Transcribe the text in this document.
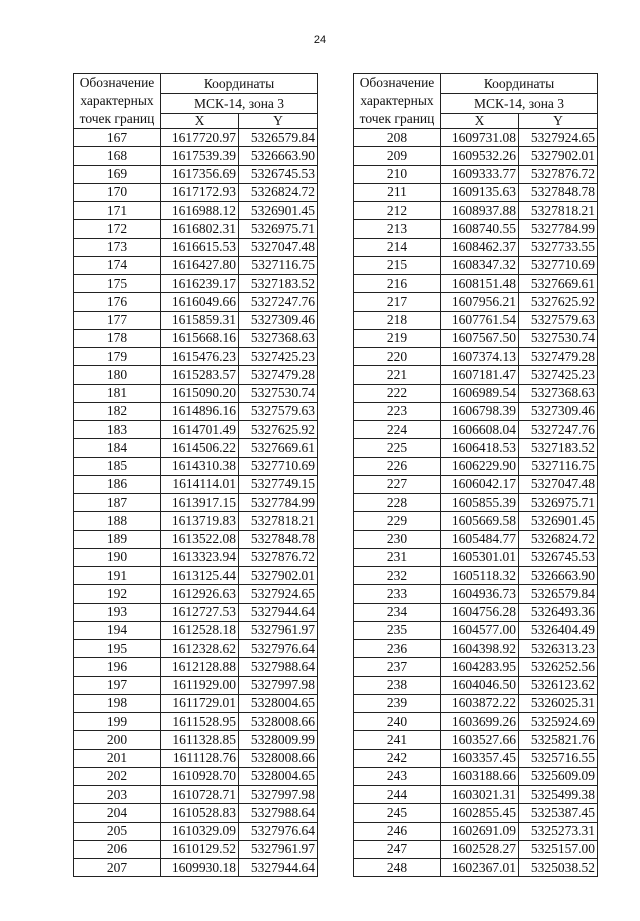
24
Обозначение
характерных
точек границ	Координаты	
	МСК-14, зона 3	
	X	Y
167	1617720.97	5326579.84
168	1617539.39	5326663.90
169	1617356.69	5326745.53
170	1617172.93	5326824.72
171	1616988.12	5326901.45
172	1616802.31	5326975.71
173	1616615.53	5327047.48
174	1616427.80	5327116.75
175	1616239.17	5327183.52
176	1616049.66	5327247.76
177	1615859.31	5327309.46
178	1615668.16	5327368.63
179	1615476.23	5327425.23
180	1615283.57	5327479.28
181	1615090.20	5327530.74
182	1614896.16	5327579.63
183	1614701.49	5327625.92
184	1614506.22	5327669.61
185	1614310.38	5327710.69
186	1614114.01	5327749.15
187	1613917.15	5327784.99
188	1613719.83	5327818.21
189	1613522.08	5327848.78
190	1613323.94	5327876.72
191	1613125.44	5327902.01
192	1612926.63	5327924.65
193	1612727.53	5327944.64
194	1612528.18	5327961.97
195	1612328.62	5327976.64
196	1612128.88	5327988.64
197	1611929.00	5327997.98
198	1611729.01	5328004.65
199	1611528.95	5328008.66
200	1611328.85	5328009.99
201	1611128.76	5328008.66
202	1610928.70	5328004.65
203	1610728.71	5327997.98
204	1610528.83	5327988.64
205	1610329.09	5327976.64
206	1610129.52	5327961.97
207	1609930.18	5327944.64
Обозначение
характерных
точек границ	Координаты	
	МСК-14, зона 3	
	X	Y
208	1609731.08	5327924.65
209	1609532.26	5327902.01
210	1609333.77	5327876.72
211	1609135.63	5327848.78
212	1608937.88	5327818.21
213	1608740.55	5327784.99
214	1608462.37	5327733.55
215	1608347.32	5327710.69
216	1608151.48	5327669.61
217	1607956.21	5327625.92
218	1607761.54	5327579.63
219	1607567.50	5327530.74
220	1607374.13	5327479.28
221	1607181.47	5327425.23
222	1606989.54	5327368.63
223	1606798.39	5327309.46
224	1606608.04	5327247.76
225	1606418.53	5327183.52
226	1606229.90	5327116.75
227	1606042.17	5327047.48
228	1605855.39	5326975.71
229	1605669.58	5326901.45
230	1605484.77	5326824.72
231	1605301.01	5326745.53
232	1605118.32	5326663.90
233	1604936.73	5326579.84
234	1604756.28	5326493.36
235	1604577.00	5326404.49
236	1604398.92	5326313.23
237	1604283.95	5326252.56
238	1604046.50	5326123.62
239	1603872.22	5326025.31
240	1603699.26	5325924.69
241	1603527.66	5325821.76
242	1603357.45	5325716.55
243	1603188.66	5325609.09
244	1603021.31	5325499.38
245	1602855.45	5325387.45
246	1602691.09	5325273.31
247	1602528.27	5325157.00
248	1602367.01	5325038.52
